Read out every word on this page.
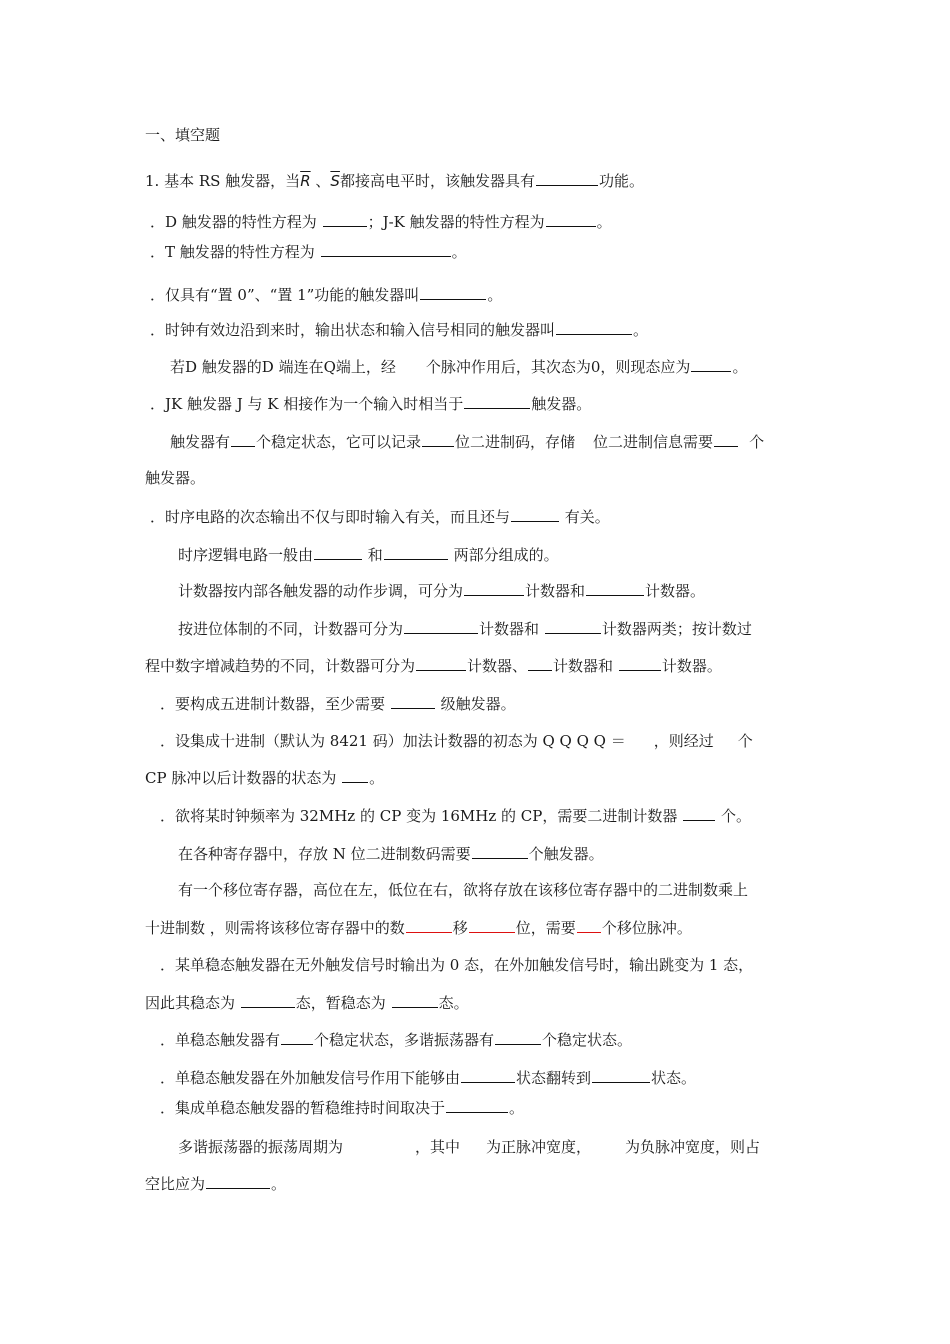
一、填空题
1. 基本 RS 触发器，当$\overline{R}$ 、$\overline{S}$都接高电平时，该触发器具有	功能。
．D 触发器的特性方程为	；J-K 触发器的特性方程为	。
．T 触发器的特性方程为	。
．仅具有“置 0”、“置 1”功能的触发器叫	。
．时钟有效边沿到来时，输出状态和输入信号相同的触发器叫	。
若D 触发器的D 端连在Q端上，经 个脉冲作用后，其次态为0，则现态应为	。
．JK 触发器 J 与 K 相接作为一个输入时相当于	触发器。
触发器有 个稳定状态，它可以记录 位二进制码，存储 位二进制信息需要 个
触发器。
．时序电路的次态输出不仅与即时输入有关，而且还与	有关。
时序逻辑电路一般由	和	两部分组成的。
计数器按内部各触发器的动作步调，可分为	计数器和	计数器。
按进位体制的不同，计数器可分为	计数器和	计数器两类；按计数过
程中数字增减趋势的不同，计数器可分为	计数器、 计数器和	计数器。
．要构成五进制计数器，至少需要	级触发器。
．设集成十进制（默认为 8421 码）加法计数器的初态为 Q Q Q Q ＝ ，则经过 个
CP 脉冲以后计数器的状态为 。
．欲将某时钟频率为 32MHz 的 CP 变为 16MHz 的 CP，需要二进制计数器	个。
在各种寄存器中，存放 N 位二进制数码需要	个触发器。
有一个移位寄存器，高位在左，低位在右，欲将存放在该移位寄存器中的二进制数乘上
十进制数 ，则需将该移位寄存器中的数	移	位，需要 个移位脉冲。
．某单稳态触发器在无外触发信号时输出为 0 态，在外加触发信号时，输出跳变为 1 态，
因此其稳态为	态，暂稳态为	态。
．单稳态触发器有 个稳定状态，多谐振荡器有	个稳定状态。
．单稳态触发器在外加触发信号作用下能够由	状态翻转到	状态。
．集成单稳态触发器的暂稳维持时间取决于	。
多谐振荡器的振荡周期为	，其中 为正脉冲宽度， 为负脉冲宽度，则占
空比应为	。
